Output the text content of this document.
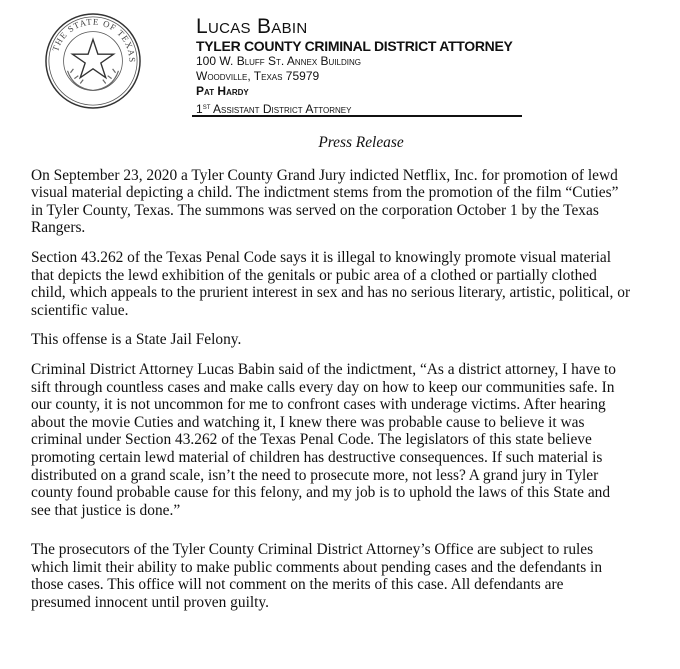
THE STATE OF TEXAS
Lucas Babin
TYLER COUNTY CRIMINAL DISTRICT ATTORNEY
100 W. Bluff St. Annex Building
Woodville, Texas 75979
Pat Hardy
1st Assistant District Attorney
Press Release

On September 23, 2020 a Tyler County Grand Jury indicted Netflix, Inc. for promotion of lewd
visual material depicting a child. The indictment stems from the promotion of the film “Cuties”
in Tyler County, Texas. The summons was served on the corporation October 1 by the Texas
Rangers.

Section 43.262 of the Texas Penal Code says it is illegal to knowingly promote visual material
that depicts the lewd exhibition of the genitals or pubic area of a clothed or partially clothed
child, which appeals to the prurient interest in sex and has no serious literary, artistic, political, or
scientific value.

This offense is a State Jail Felony.

Criminal District Attorney Lucas Babin said of the indictment, “As a district attorney, I have to
sift through countless cases and make calls every day on how to keep our communities safe. In
our county, it is not uncommon for me to confront cases with underage victims. After hearing
about the movie Cuties and watching it, I knew there was probable cause to believe it was
criminal under Section 43.262 of the Texas Penal Code. The legislators of this state believe
promoting certain lewd material of children has destructive consequences. If such material is
distributed on a grand scale, isn’t the need to prosecute more, not less? A grand jury in Tyler
county found probable cause for this felony, and my job is to uphold the laws of this State and
see that justice is done.”

The prosecutors of the Tyler County Criminal District Attorney’s Office are subject to rules
which limit their ability to make public comments about pending cases and the defendants in
those cases. This office will not comment on the merits of this case. All defendants are
presumed innocent until proven guilty.
